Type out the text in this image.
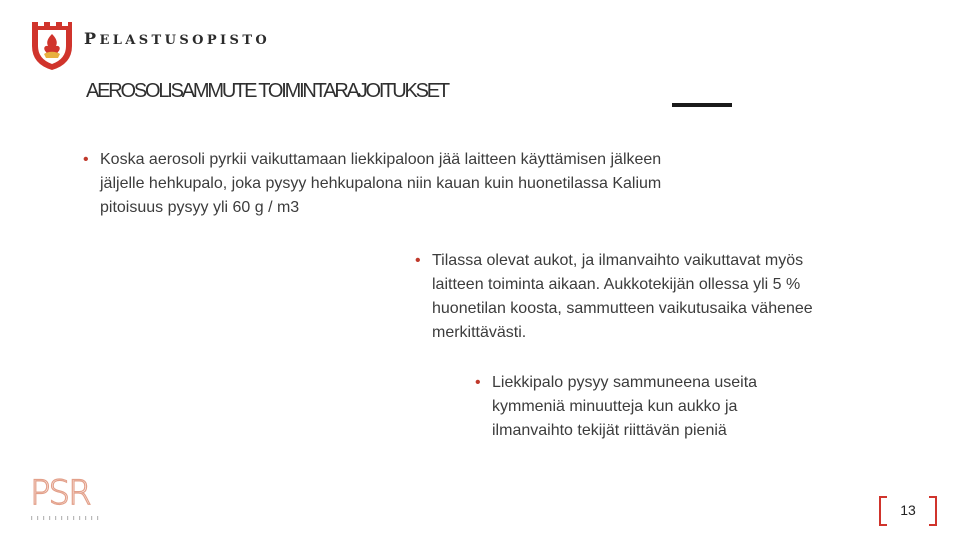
PELASTUSOPISTO
AEROSOLISAMMUTE TOIMINTARAJOITUKSET
• Koska aerosoli pyrkii vaikuttamaan liekkipaloon jää laitteen käyttämisen jälkeen jäljelle hehkupalo, joka pysyy hehkupalona niin kauan kuin huonetilassa Kalium pitoisuus pysyy yli 60 g / m3
• Tilassa olevat aukot, ja ilmanvaihto vaikuttavat myös laitteen toiminta aikaan. Aukkotekijän ollessa yli 5 % huonetilan koosta, sammutteen vaikutusaika vähenee merkittävästi.
• Liekkipalo pysyy sammuneena useita kymmeniä minuutteja kun aukko ja ilmanvaihto tekijät riittävän pieniä
PSR	13
